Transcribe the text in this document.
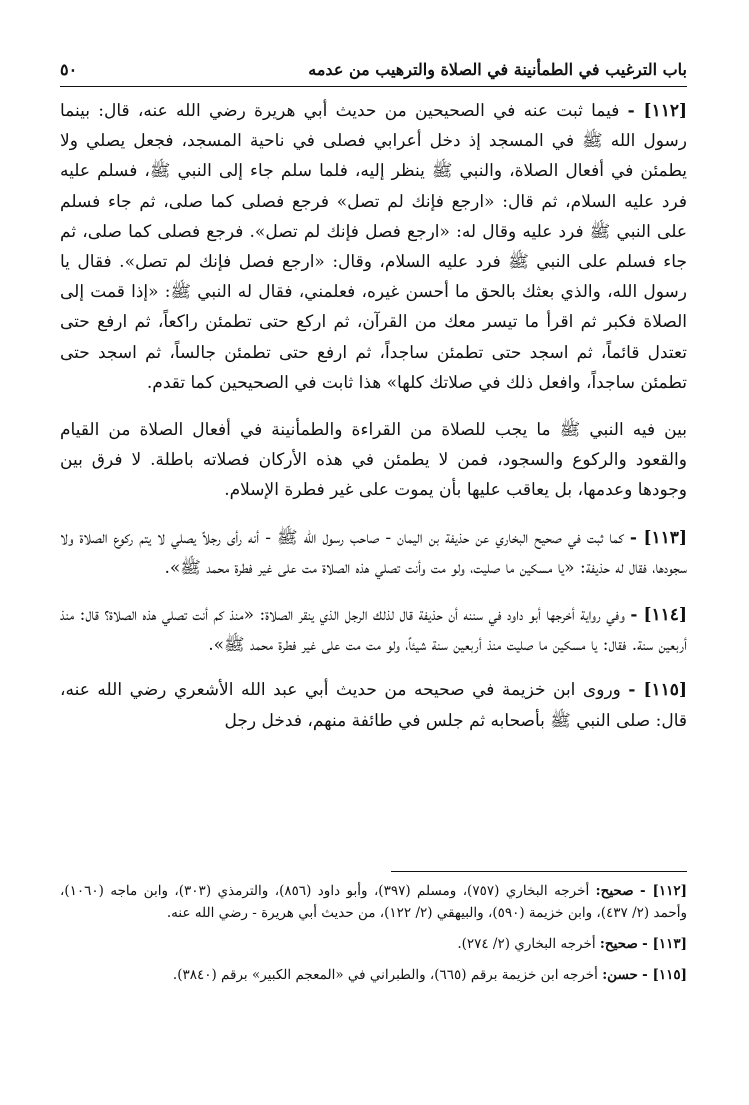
باب الترغيب في الطمأنينة في الصلاة والترهيب من عدمه
٥٠

[١١٢] - فيما ثبت عنه في الصحيحين من حديث أبي هريرة رضي الله عنه، قال: بينما رسول الله ﷺ في المسجد إذ دخل أعرابي فصلى في ناحية المسجد، فجعل يصلي ولا يطمئن في أفعال الصلاة، والنبي ﷺ ينظر إليه، فلما سلم جاء إلى النبي ﷺ، فسلم عليه فرد عليه السلام، ثم قال: «ارجع فإنك لم تصل» فرجع فصلى كما صلى، ثم جاء فسلم على النبي ﷺ فرد عليه وقال له: «ارجع فصل فإنك لم تصل». فرجع فصلى كما صلى، ثم جاء فسلم على النبي ﷺ فرد عليه السلام، وقال: «ارجع فصل فإنك لم تصل». فقال يا رسول الله، والذي بعثك بالحق ما أحسن غيره، فعلمني، فقال له النبي ﷺ: «إذا قمت إلى الصلاة فكبر ثم اقرأ ما تيسر معك من القرآن، ثم اركع حتى تطمئن راكعاً، ثم ارفع حتى تعتدل قائماً، ثم اسجد حتى تطمئن ساجداً، ثم ارفع حتى تطمئن جالساً، ثم اسجد حتى تطمئن ساجداً، وافعل ذلك في صلاتك كلها» هذا ثابت في الصحيحين كما تقدم.

بين فيه النبي ﷺ ما يجب للصلاة من القراءة والطمأنينة في أفعال الصلاة من القيام والقعود والركوع والسجود، فمن لا يطمئن في هذه الأركان فصلاته باطلة. لا فرق بين وجودها وعدمها، بل يعاقب عليها بأن يموت على غير فطرة الإسلام.

[١١٣] - كما ثبت في صحيح البخاري عن حذيفة بن اليمان - صاحب رسول الله ﷺ - أنه رأى رجلاً يصلي لا يتم ركوع الصلاة ولا سجودها، فقال له حذيفة: «يا مسكين ما صليت، ولو مت وأنت تصلي هذه الصلاة مت على غير فطرة محمد ﷺ».

[١١٤] - وفي رواية أخرجها أبو داود في سننه أن حذيفة قال لذلك الرجل الذي ينقر الصلاة: «منذ كم أنت تصلي هذه الصلاة؟ قال: منذ أربعين سنة. فقال: يا مسكين ما صليت منذ أربعين سنة شيئاً، ولو مت مت على غير فطرة محمد ﷺ».

[١١٥] - وروى ابن خزيمة في صحيحه من حديث أبي عبد الله الأشعري رضي الله عنه، قال: صلى النبي ﷺ بأصحابه ثم جلس في طائفة منهم، فدخل رجل

[١١٢] - صحيح: أخرجه البخاري (٧٥٧)، ومسلم (٣٩٧)، وأبو داود (٨٥٦)، والترمذي (٣٠٣)، وابن ماجه (١٠٦٠)، وأحمد (٢/ ٤٣٧)، وابن خزيمة (٥٩٠)، والبيهقي (٢/ ١٢٢)، من حديث أبي هريرة - رضي الله عنه.

[١١٣] - صحيح: أخرجه البخاري (٢/ ٢٧٤).

[١١٥] - حسن: أخرجه ابن خزيمة برقم (٦٦٥)، والطبراني في «المعجم الكبير» برقم (٣٨٤٠).
